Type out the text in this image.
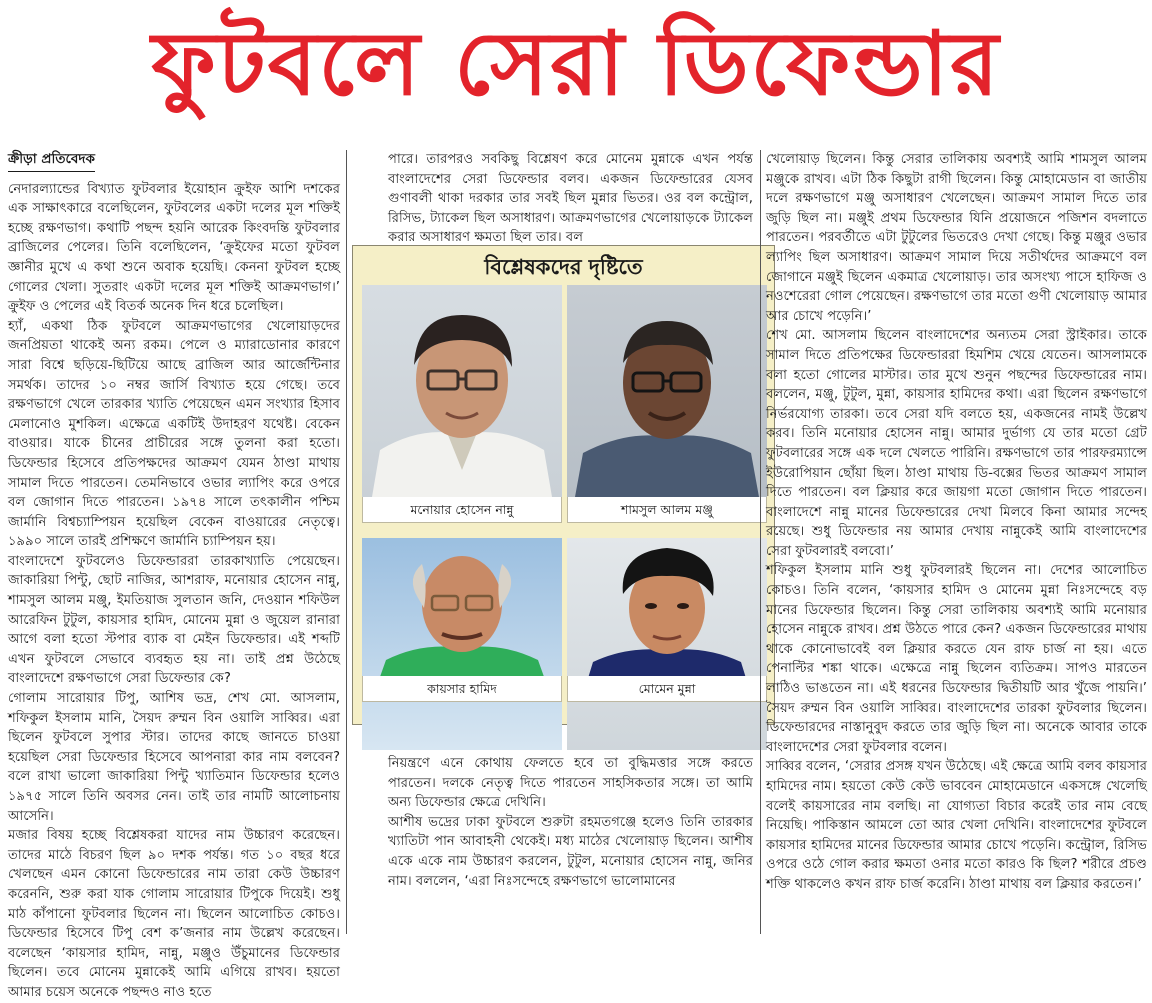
ফুটবলে সেরা ডিফেন্ডার

ক্রীড়া প্রতিবেদক

নেদারল্যান্ডের বিখ্যাত ফুটবলার ইয়োহান ক্রুইফ আশি দশকের এক সাক্ষাৎকারে বলেছিলেন, ফুটবলের একটা দলের মূল শক্তিই হচ্ছে রক্ষণভাগ। কথাটি পছন্দ হয়নি আরেক কিংবদন্তি ফুটবলার ব্রাজিলের পেলের। তিনি বলেছিলেন, ‘ক্রুইফের মতো ফুটবল জ্ঞানীর মুখে এ কথা শুনে অবাক হয়েছি। কেননা ফুটবল হচ্ছে গোলের খেলা। সুতরাং একটা দলের মূল শক্তিই আক্রমণভাগ।’ ক্রুইফ ও পেলের এই বিতর্ক অনেক দিন ধরে চলেছিল।

হ্যাঁ, একথা ঠিক ফুটবলে আক্রমণভাগের খেলোয়াড়দের জনপ্রিয়তা থাকেই অন্য রকম। পেলে ও ম্যারাডোনার কারণে সারা বিশ্বে ছড়িয়ে-ছিটিয়ে আছে ব্রাজিল আর আর্জেন্টিনার সমর্থক। তাদের ১০ নম্বর জার্সি বিখ্যাত হয়ে গেছে। তবে রক্ষণভাগে খেলে তারকার খ্যাতি পেয়েছেন এমন সংখ্যার হিসাব মেলানোও মুশকিল। এক্ষেত্রে একটিই উদাহরণ যথেষ্ট। বেকেন বাওয়ার। যাকে চীনের প্রাচীরের সঙ্গে তুলনা করা হতো। ডিফেন্ডার হিসেবে প্রতিপক্ষদের আক্রমণ যেমন ঠাণ্ডা মাথায় সামাল দিতে পারতেন। তেমনিভাবে ওভার ল্যাপিং করে ওপরে বল জোগান দিতে পারতেন। ১৯৭৪ সালে তৎকালীন পশ্চিম জার্মানি বিশ্বচ্যাম্পিয়ন হয়েছিল বেকেন বাওয়ারের নেতৃত্বে। ১৯৯০ সালে তারই প্রশিক্ষণে জার্মানি চ্যাম্পিয়ন হয়।

বাংলাদেশে ফুটবলেও ডিফেন্ডাররা তারকাখ্যাতি পেয়েছেন। জাকারিয়া পিন্টু, ছোট নাজির, আশরাফ, মনোয়ার হোসেন নান্নু, শামসুল আলম মঞ্জু, ইমতিয়াজ সুলতান জনি, দেওয়ান শফিউল আরেফিন টুটুল, কায়সার হামিদ, মোনেম মুন্না ও জুয়েল রানারা আগে বলা হতো স্টপার ব্যাক বা মেইন ডিফেন্ডার। এই শব্দটি এখন ফুটবলে সেভাবে ব্যবহৃত হয় না। তাই প্রশ্ন উঠেছে বাংলাদেশে রক্ষণভাগে সেরা ডিফেন্ডার কে?

গোলাম সারোয়ার টিপু, আশিষ ভদ্র, শেখ মো. আসলাম, শফিকুল ইসলাম মানি, সৈয়দ রুম্মন বিন ওয়ালি সাব্বির। এরা ছিলেন ফুটবলে সুপার স্টার। তাদের কাছে জানতে চাওয়া হয়েছিল সেরা ডিফেন্ডার হিসেবে আপনারা কার নাম বলবেন? বলে রাখা ভালো জাকারিয়া পিন্টু খ্যাতিমান ডিফেন্ডার হলেও ১৯৭৫ সালে তিনি অবসর নেন। তাই তার নামটি আলোচনায় আসেনি।

মজার বিষয় হচ্ছে বিশ্লেষকরা যাদের নাম উচ্চারণ করেছেন। তাদের মাঠে বিচরণ ছিল ৯০ দশক পর্যন্ত। গত ১০ বছর ধরে খেলছেন এমন কোনো ডিফেন্ডারের নাম তারা কেউ উচ্চারণ করেননি, শুরু করা যাক গোলাম সারোয়ার টিপুকে দিয়েই। শুধু মাঠ কাঁপানো ফুটবলার ছিলেন না। ছিলেন আলোচিত কোচও। ডিফেন্ডার হিসেবে টিপু বেশ ক’জনার নাম উল্লেখ করেছেন। বলেছেন ‘কায়সার হামিদ, নান্নু, মঞ্জুও উঁচুমানের ডিফেন্ডার ছিলেন। তবে মোনেম মুন্নাকেই আমি এগিয়ে রাখব। হয়তো আমার চয়েস অনেকে পছন্দও নাও হতে

পারে। তারপরও সবকিছু বিশ্লেষণ করে মোনেম মুন্নাকে এখন পর্যন্ত বাংলাদেশের সেরা ডিফেন্ডার বলব। একজন ডিফেন্ডারের যেসব গুণাবলী থাকা দরকার তার সবই ছিল মুন্নার ভিতর। ওর বল কন্ট্রোল, রিসিভ, ট্যাকেল ছিল অসাধারণ। আক্রমণভাগের খেলোয়াড়কে ট্যাকেল করার অসাধারণ ক্ষমতা ছিল তার। বল

বিশ্লেষকদের দৃষ্টিতে
মনোয়ার হোসেন নান্নু	শামসুল আলম মঞ্জু
কায়সার হামিদ	মোমেন মুন্না

নিয়ন্ত্রণে এনে কোথায় ফেলতে হবে তা বুদ্ধিমত্তার সঙ্গে করতে পারতেন। দলকে নেতৃত্ব দিতে পারতেন সাহসিকতার সঙ্গে। তা আমি অন্য ডিফেন্ডার ক্ষেত্রে দেখিনি।

আশীষ ভদ্রের ঢাকা ফুটবলে শুরুটা রহমতগঞ্জে হলেও তিনি তারকার খ্যাতিটা পান আবাহনী থেকেই। মধ্য মাঠের খেলোয়াড় ছিলেন। আশীষ একে একে নাম উচ্চারণ করলেন, টুটুল, মনোয়ার হোসেন নান্নু, জনির নাম। বললেন, ‘এরা নিঃসন্দেহে রক্ষণভাগে ভালোমানের

খেলোয়াড় ছিলেন। কিন্তু সেরার তালিকায় অবশ্যই আমি শামসুল আলম মঞ্জুকে রাখব। এটা ঠিক কিছুটা রাগী ছিলেন। কিন্তু মোহামেডান বা জাতীয় দলে রক্ষণভাগে মঞ্জু অসাধারণ খেলেছেন। আক্রমণ সামাল দিতে তার জুড়ি ছিল না। মঞ্জুই প্রথম ডিফেন্ডার যিনি প্রয়োজনে পজিশন বদলাতে পারতেন। পরবর্তীতে এটা টুটুলের ভিতরেও দেখা গেছে। কিন্তু মঞ্জুর ওভার ল্যাপিং ছিল অসাধারণ। আক্রমণ সামাল দিয়ে সতীর্থদের আক্রমণে বল জোগানে মঞ্জুই ছিলেন একমাত্র খেলোয়াড়। তার অসংখ্য পাসে হাফিজ ও নওশেরেরা গোল পেয়েছেন। রক্ষণভাগে তার মতো গুণী খেলোয়াড় আমার আর চোখে পড়েনি।’

শেখ মো. আসলাম ছিলেন বাংলাদেশের অন্যতম সেরা স্ট্রাইকার। তাকে সামাল দিতে প্রতিপক্ষের ডিফেন্ডাররা হিমশিম খেয়ে যেতেন। আসলামকে বলা হতো গোলের মাস্টার। তার মুখে শুনুন পছন্দের ডিফেন্ডারের নাম। বললেন, মঞ্জু, টুটুল, মুন্না, কায়সার হামিদের কথা। এরা ছিলেন রক্ষণভাগে নির্ভরযোগ্য তারকা। তবে সেরা যদি বলতে হয়, একজনের নামই উল্লেখ করব। তিনি মনোয়ার হোসেন নান্নু। আমার দুর্ভাগ্য যে তার মতো গ্রেট ফুটবলারের সঙ্গে এক দলে খেলতে পারিনি। রক্ষণভাগে তার পারফরম্যান্সে ইউরোপিয়ান ছোঁয়া ছিল। ঠাণ্ডা মাথায় ডি-বক্সের ভিতর আক্রমণ সামাল দিতে পারতেন। বল ক্লিয়ার করে জায়গা মতো জোগান দিতে পারতেন। বাংলাদেশে নান্নু মানের ডিফেন্ডারের দেখা মিলবে কিনা আমার সন্দেহ রয়েছে। শুধু ডিফেন্ডার নয় আমার দেখায় নান্নুকেই আমি বাংলাদেশের সেরা ফুটবলারই বলবো।’

শফিকুল ইসলাম মানি শুধু ফুটবলারই ছিলেন না। দেশের আলোচিত কোচও। তিনি বলেন, ‘কায়সার হামিদ ও মোনেম মুন্না নিঃসন্দেহে বড় মানের ডিফেন্ডার ছিলেন। কিন্তু সেরা তালিকায় অবশ্যই আমি মনোয়ার হোসেন নান্নুকে রাখব। প্রশ্ন উঠতে পারে কেন? একজন ডিফেন্ডারের মাথায় থাকে কোনোভাবেই বল ক্লিয়ার করতে যেন রাফ চার্জ না হয়। এতে পেনাল্টির শঙ্কা থাকে। এক্ষেত্রে নান্নু ছিলেন ব্যতিক্রম। সাপও মারতেন লাঠিও ভাঙতেন না। এই ধরনের ডিফেন্ডার দ্বিতীয়টি আর খুঁজে পায়নি।’ সৈয়দ রুম্মন বিন ওয়ালি সাব্বির। বাংলাদেশের তারকা ফুটবলার ছিলেন। ডিফেন্ডারদের নাস্তানুবুদ করতে তার জুড়ি ছিল না। অনেকে আবার তাকে বাংলাদেশের সেরা ফুটবলার বলেন।

সাব্বির বলেন, ‘সেরার প্রসঙ্গ যখন উঠেছে। এই ক্ষেত্রে আমি বলব কায়সার হামিদের নাম। হয়তো কেউ কেউ ভাববেন মোহামেডানে একসঙ্গে খেলেছি বলেই কায়সারের নাম বলছি। না যোগ্যতা বিচার করেই তার নাম বেছে নিয়েছি। পাকিস্তান আমলে তো আর খেলা দেখিনি। বাংলাদেশের ফুটবলে কায়সার হামিদের মানের ডিফেন্ডার আমার চোখে পড়েনি। কন্ট্রোল, রিসিভ ওপরে ওঠে গোল করার ক্ষমতা ওনার মতো কারও কি ছিল? শরীরে প্রচণ্ড শক্তি থাকলেও কখন রাফ চার্জ করেনি। ঠাণ্ডা মাথায় বল ক্লিয়ার করতেন।’
